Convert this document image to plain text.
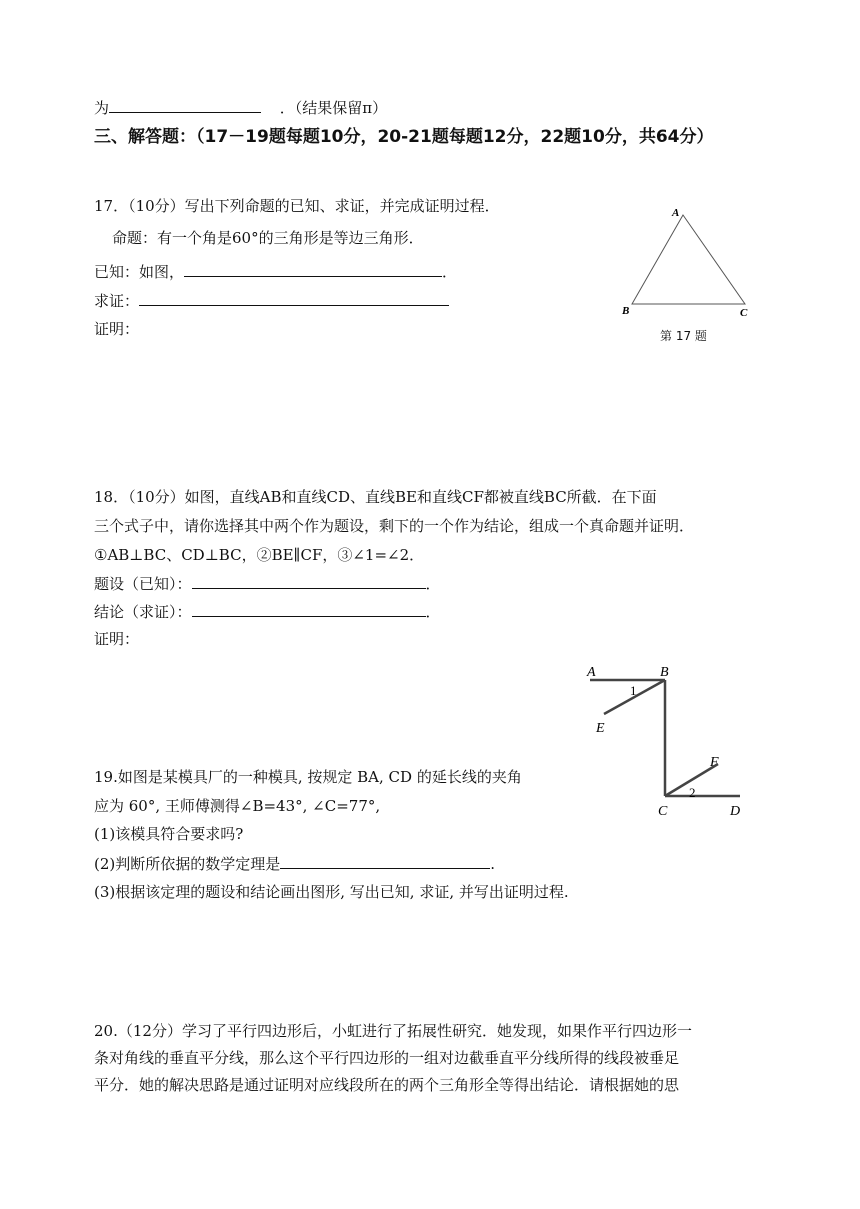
为	．（结果保留π）
三、解答题：（17－19题每题10分，20-21题每题12分，22题10分，共64分）
17．（10分）写出下列命题的已知、求证，并完成证明过程．
命题：有一个角是60°的三角形是等边三角形．
已知：如图，	．
求证：
证明：
A
B	C
第 17 题
18．（10分）如图，直线AB和直线CD、直线BE和直线CF都被直线BC所截．在下面
三个式子中，请你选择其中两个作为题设，剩下的一个作为结论，组成一个真命题并证明．
①AB⊥BC、CD⊥BC，②BE∥CF，③∠1=∠2．
题设（已知）：	．
结论（求证）：	．
证明：
A	B
1
E
F
2
C	D
19.如图是某模具厂的一种模具, 按规定 BA, CD 的延长线的夹角
应为 60°, 王师傅测得∠B=43°, ∠C=77°,
(1)该模具符合要求吗?
(2)判断所依据的数学定理是	.
(3)根据该定理的题设和结论画出图形, 写出已知, 求证, 并写出证明过程.
20.（12分）学习了平行四边形后，小虹进行了拓展性研究．她发现，如果作平行四边形一
条对角线的垂直平分线，那么这个平行四边形的一组对边截垂直平分线所得的线段被垂足
平分．她的解决思路是通过证明对应线段所在的两个三角形全等得出结论．请根据她的思
